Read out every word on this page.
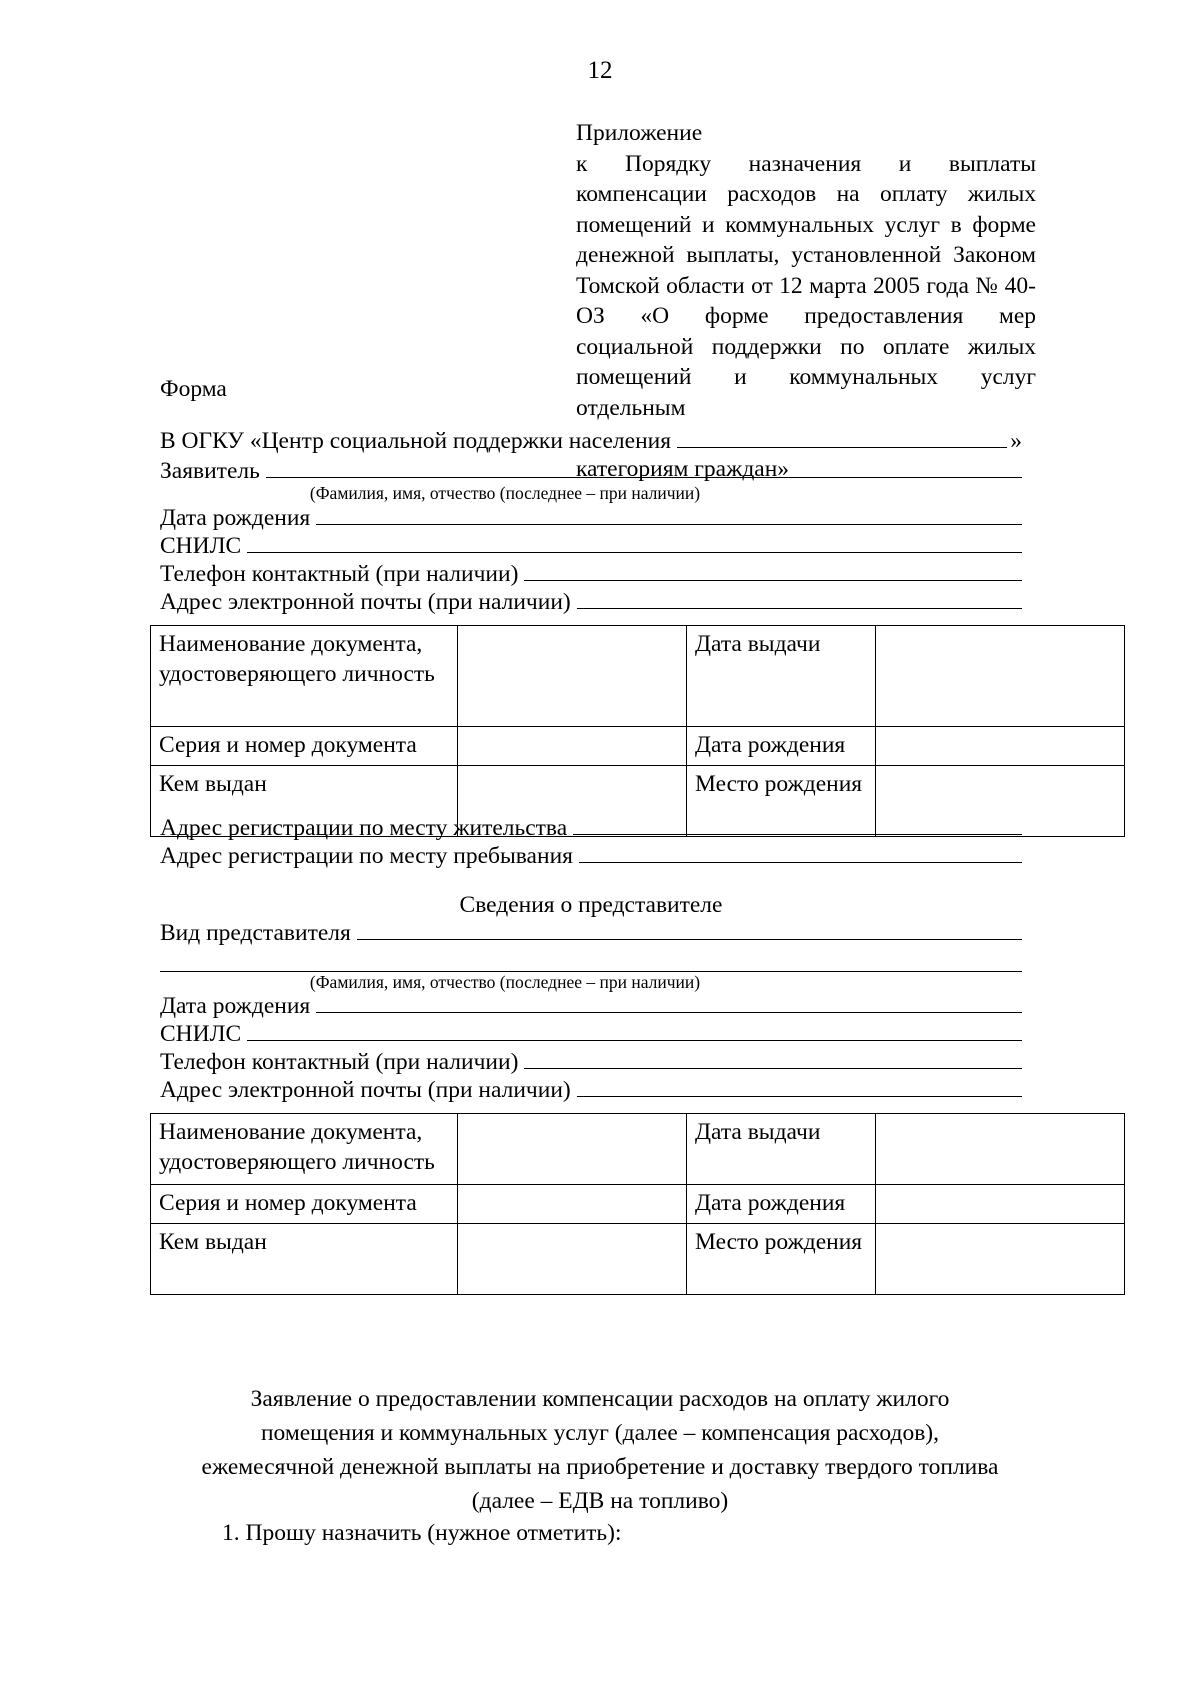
12
Приложение
к Порядку назначения и выплаты компенсации расходов на оплату жилых помещений и коммунальных услуг в форме денежной выплаты, установленной Законом Томской области от 12 марта 2005 года № 40-ОЗ «О форме предоставления мер социальной поддержки по оплате жилых помещений и коммунальных услуг отдельным
категориям граждан»
Форма
В ОГКУ «Центр социальной поддержки населения	»
Заявитель
(Фамилия, имя, отчество (последнее – при наличии)
Дата рождения
СНИЛС
Телефон контактный (при наличии)
Адрес электронной почты (при наличии)
Наименование документа, удостоверяющего личность		Дата выдачи	
Серия и номер документа		Дата рождения	
Кем выдан		Место рождения	
Адрес регистрации по месту жительства
Адрес регистрации по месту пребывания
Сведения о представителе
Вид представителя
(Фамилия, имя, отчество (последнее – при наличии)
Дата рождения
СНИЛС
Телефон контактный (при наличии)
Адрес электронной почты (при наличии)
Наименование документа, удостоверяющего личность		Дата выдачи	
Серия и номер документа		Дата рождения	
Кем выдан		Место рождения	
Заявление о предоставлении компенсации расходов на оплату жилого
помещения и коммунальных услуг (далее – компенсация расходов),
ежемесячной денежной выплаты на приобретение и доставку твердого топлива
(далее – ЕДВ на топливо)
1. Прошу назначить (нужное отметить):
